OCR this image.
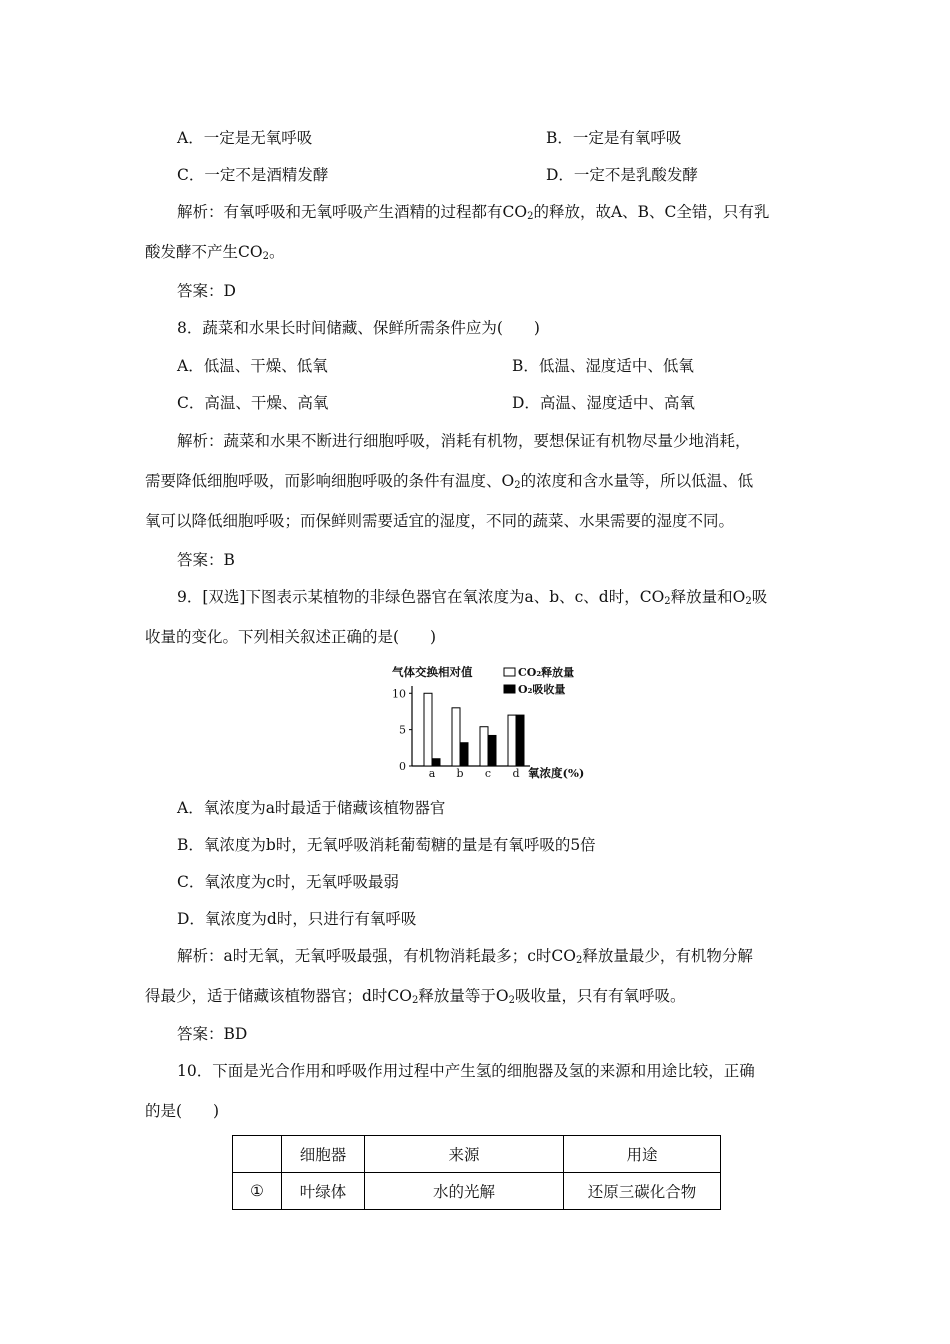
A．一定是无氧呼吸	B．一定是有氧呼吸
C．一定不是酒精发酵	D．一定不是乳酸发酵
解析：有氧呼吸和无氧呼吸产生酒精的过程都有$CO_2$的释放，故A、B、C全错，只有乳
酸发酵不产生$CO_2$。
答案：D
8．蔬菜和水果长时间储藏、保鲜所需条件应为(　　)
A．低温、干燥、低氧	B．低温、湿度适中、低氧
C．高温、干燥、高氧	D．高温、湿度适中、高氧
解析：蔬菜和水果不断进行细胞呼吸，消耗有机物，要想保证有机物尽量少地消耗，
需要降低细胞呼吸，而影响细胞呼吸的条件有温度、$O_2$的浓度和含水量等，所以低温、低
氧可以降低细胞呼吸；而保鲜则需要适宜的湿度，不同的蔬菜、水果需要的湿度不同。
答案：B
9．[双选]下图表示某植物的非绿色器官在氧浓度为a、b、c、d时，$CO_2$释放量和$O_2$吸
收量的变化。下列相关叙述正确的是(　　)
气体交换相对值	CO₂释放量
O₂吸收量
0
5
10
a b c d 氧浓度(%)
A．氧浓度为a时最适于储藏该植物器官
B．氧浓度为b时，无氧呼吸消耗葡萄糖的量是有氧呼吸的5倍
C．氧浓度为c时，无氧呼吸最弱
D．氧浓度为d时，只进行有氧呼吸
解析：a时无氧，无氧呼吸最强，有机物消耗最多；c时$CO_2$释放量最少，有机物分解
得最少，适于储藏该植物器官；d时$CO_2$释放量等于$O_2$吸收量，只有有氧呼吸。
答案：BD
10．下面是光合作用和呼吸作用过程中产生氢的细胞器及氢的来源和用途比较，正确
的是(　　)
	细胞器	来源	用途
①	叶绿体	水的光解	还原三碳化合物
